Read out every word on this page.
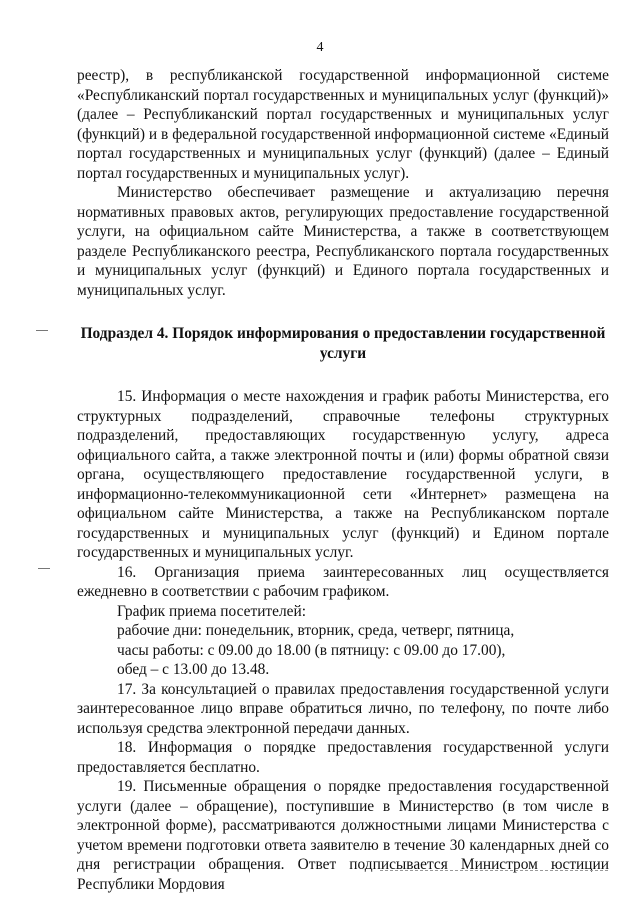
4

реестр), в республиканской государственной информационной системе «Республиканский портал государственных и муниципальных услуг (функций)» (далее – Республиканский портал государственных и муниципальных услуг (функций) и в федеральной государственной информационной системе «Единый портал государственных и муниципальных услуг (функций) (далее – Единый портал государственных и муниципальных услуг).

Министерство обеспечивает размещение и актуализацию перечня нормативных правовых актов, регулирующих предоставление государственной услуги, на официальном сайте Министерства, а также в соответствующем разделе Республиканского реестра, Республиканского портала государственных и муниципальных услуг (функций) и Единого портала государственных и муниципальных услуг.

Подраздел 4. Порядок информирования о предоставлении государственной услуги

15. Информация о месте нахождения и график работы Министерства, его структурных подразделений, справочные телефоны структурных подразделений, предоставляющих государственную услугу, адреса официального сайта, а также электронной почты и (или) формы обратной связи органа, осуществляющего предоставление государственной услуги, в информационно-телекоммуникационной сети «Интернет» размещена на официальном сайте Министерства, а также на Республиканском портале государственных и муниципальных услуг (функций) и Едином портале государственных и муниципальных услуг.

16. Организация приема заинтересованных лиц осуществляется ежедневно в соответствии с рабочим графиком.

График приема посетителей:

рабочие дни: понедельник, вторник, среда, четверг, пятница,

часы работы: с 09.00 до 18.00 (в пятницу: с 09.00 до 17.00),

обед – с 13.00 до 13.48.

17. За консультацией о правилах предоставления государственной услуги заинтересованное лицо вправе обратиться лично, по телефону, по почте либо используя средства электронной передачи данных.

18. Информация о порядке предоставления государственной услуги предоставляется бесплатно.

19. Письменные обращения о порядке предоставления государственной услуги (далее – обращение), поступившие в Министерство (в том числе в электронной форме), рассматриваются должностными лицами Министерства с учетом времени подготовки ответа заявителю в течение 30 календарных дней со дня регистрации обращения. Ответ подписывается Министром юстиции Республики Мордовия
